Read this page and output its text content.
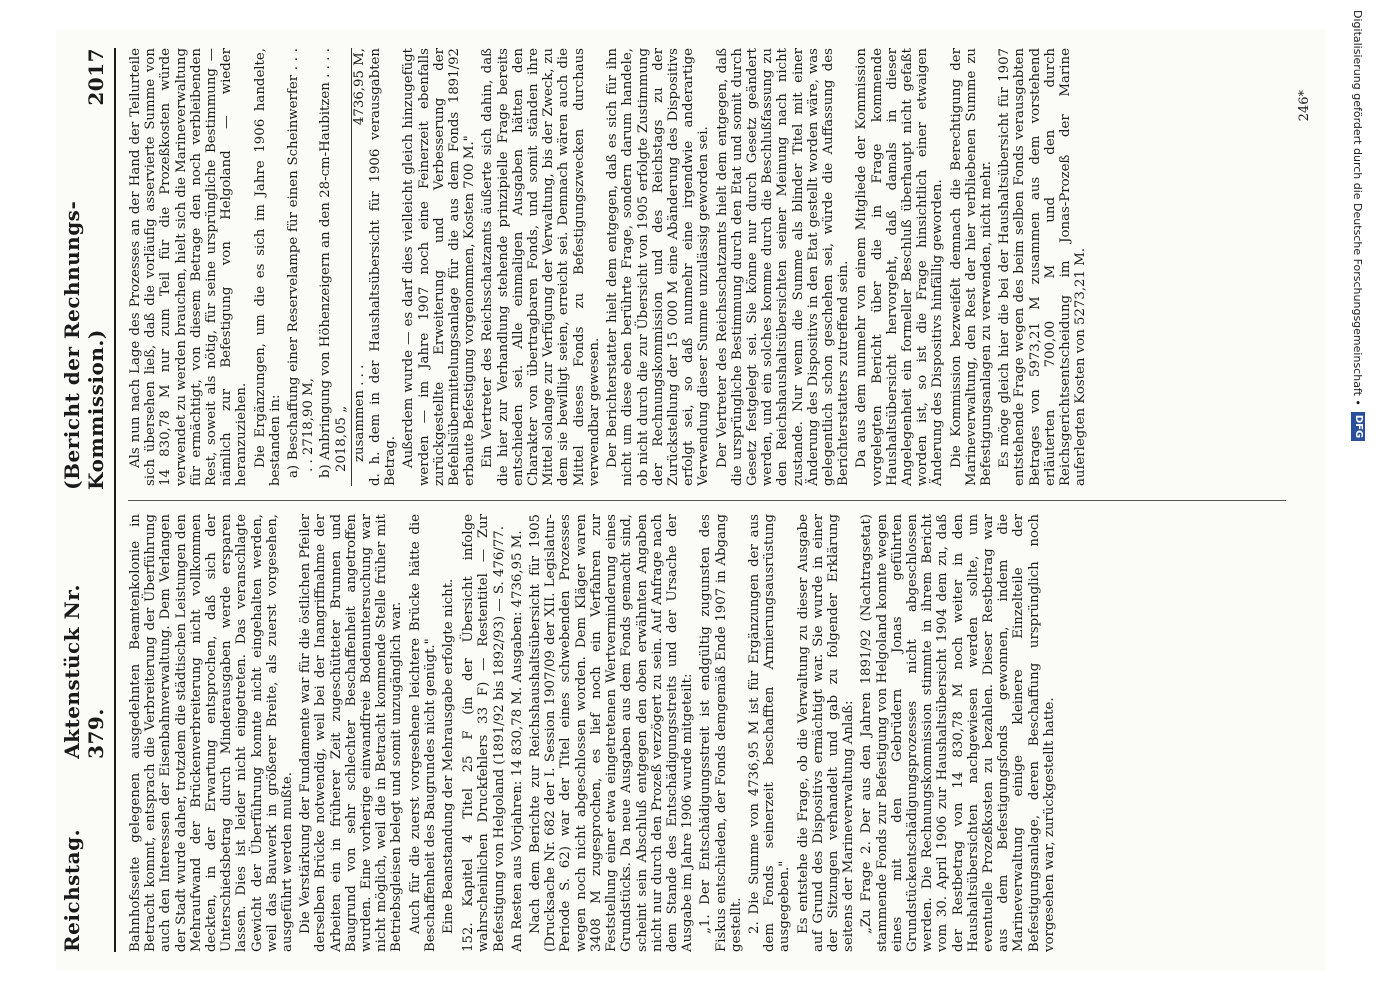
Reichstag.
Aktenstück Nr. 379.
(Bericht der Rechnungs-Kommission.)
2017

Bahnhofsseite gelegenen ausgedehnten Beamtenkolonie in Betracht kommt, entsprach die Verbreiterung der Überführung auch den Interessen der Eisenbahnverwaltung. Dem Verlangen der Stadt wurde daher, trotzdem die städtischen Leistungen den Mehraufwand der Brückenverbreiterung nicht vollkommen deckten, in der Erwartung entsprochen, daß sich der Unterschiedsbetrag durch Minderausgaben werde ersparen lassen. Dies ist leider nicht eingetreten. Das veranschlagte Gewicht der Überführung konnte nicht eingehalten werden, weil das Bauwerk in größerer Breite, als zuerst vorgesehen, ausgeführt werden mußte. Die Verstärkung der Fundamente war für die östlichen Pfeiler derselben Brücke notwendig, weil bei der Inangriffnahme der Arbeiten ein in früherer Zeit zugeschütteter Brunnen und Baugrund von sehr schlechter Beschaffenheit angetroffen wurden. Eine vorherige einwandfreie Bodenuntersuchung war nicht möglich, weil die in Betracht kommende Stelle früher mit Betriebsgleisen belegt und somit unzugänglich war. Auch für die zuerst vorgesehene leichtere Brücke hätte die Beschaffenheit des Baugrundes nicht genügt." Eine Beanstandung der Mehrausgabe erfolgte nicht. 152. Kapitel 4 Titel 25 F (in der Übersicht infolge wahrscheinlichen Druckfehlers 33 F) — Restentitel — Zur Befestigung von Helgoland (1891/92 bis 1892/93) — S. 476/77. An Resten aus Vorjahren: 14 830,78 M. Ausgaben: 4736,95 M. Nach dem Berichte zur Reichshaushaltsübersicht für 1905 (Drucksache Nr. 682 der I. Session 1907/09 der XII. Legislatur-Periode S. 62) war der Titel eines schwebenden Prozesses wegen noch nicht abgeschlossen worden. Dem Kläger waren 3408 M zugesprochen, es lief noch ein Verfahren zur Feststellung einer etwa eingetretenen Wertverminderung eines Grundstücks. Da neue Ausgaben aus dem Fonds gemacht sind, scheint sein Abschluß entgegen den oben erwähnten Angaben nicht nur durch den Prozeß verzögert zu sein. Auf Anfrage nach dem Stande des Entschädigungsstreits und der Ursache der Ausgabe im Jahre 1906 wurde mitgeteilt: „1. Der Entschädigungsstreit ist endgültig zugunsten des Fiskus entschieden, der Fonds demgemäß Ende 1907 in Abgang gestellt. 2. Die Summe von 4736,95 M ist für Ergänzungen der aus dem Fonds seinerzeit beschafften Armierungsausrüstung ausgegeben." Es entstehe die Frage, ob die Verwaltung zu dieser Ausgabe auf Grund des Dispositivs ermächtigt war. Sie wurde in einer der Sitzungen verhandelt und gab zu folgender Erklärung seitens der Marineverwaltung Anlaß: „Zu Frage 2. Der aus den Jahren 1891/92 (Nachtragsetat) stammende Fonds zur Befestigung von Helgoland konnte wegen eines mit den Gebrüdern Jonas geführten Grundstückentschädigungsprozesses nicht abgeschlossen werden. Die Rechnungskommission stimmte in ihrem Bericht vom 30. April 1906 zur Haushaltsübersicht 1904 dem zu, daß der Restbetrag von 14 830,78 M noch weiter in den Haushaltsübersichten nachgewiesen werden sollte, um eventuelle Prozeßkosten zu bezahlen. Dieser Restbetrag war aus dem Befestigungsfonds gewonnen, indem die Marineverwaltung einige kleinere Einzelteile der Befestigungsanlage, deren Beschaffung ursprünglich noch vorgesehen war, zurückgestellt hatte.

Als nun nach Lage des Prozesses an der Hand der Teilurteile sich übersehen ließ, daß die vorläufig asservierte Summe von 14 830,78 M nur zum Teil für die Prozeßkosten würde verwendet zu werden brauchen, hielt sich die Marineverwaltung für ermächtigt, von diesem Betrage den noch verbleibenden Rest, soweit als nötig, für seine ursprüngliche Bestimmung — nämlich zur Befestigung von Helgoland — wieder heranzuziehen. Die Ergänzungen, um die es sich im Jahre 1906 handelte, bestanden in: a) Beschaffung einer Reservelampe für einen Scheinwerfer . . . . . 2718,90 M, b) Anbringung von Höhenzeigern an den 28-cm-Haubitzen . . . . 2018,05 „ zusammen . . .
4736,95 M, d. h. dem in der Haushaltsübersicht für 1906 verausgabten Betrag. Außerdem wurde — es darf dies vielleicht gleich hinzugefügt werden — im Jahre 1907 noch eine Feinerzeit ebenfalls zurückgestellte Erweiterung und Verbesserung der Befehlsübermittelungsanlage für die aus dem Fonds 1891/92 erbaute Befestigung vorgenommen, Kosten 700 M." Ein Vertreter des Reichsschatzamts äußerte sich dahin, daß die hier zur Verhandlung stehende prinzipielle Frage bereits entschieden sei. Alle einmaligen Ausgaben hätten den Charakter von übertragbaren Fonds, und somit ständen ihre Mittel solange zur Verfügung der Verwaltung, bis der Zweck, zu dem sie bewilligt seien, erreicht sei. Demnach wären auch die Mittel dieses Fonds zu Befestigungszwecken durchaus verwendbar gewesen. Der Berichterstatter hielt dem entgegen, daß es sich für ihn nicht um diese eben berührte Frage, sondern darum handele, ob nicht durch die zur Übersicht von 1905 erfolgte Zustimmung der Rechnungskommission und des Reichstags zu der Zurückstellung der 15 000 M eine Abänderung des Dispositivs erfolgt sei, so daß nunmehr eine irgendwie anderartige Verwendung dieser Summe unzulässig geworden sei. Der Vertreter des Reichsschatzamts hielt dem entgegen, daß die ursprüngliche Bestimmung durch den Etat und somit durch Gesetz festgelegt sei. Sie könne nur durch Gesetz geändert werden, und ein solches komme durch die Beschlußfassung zu den Reichshaushaltsübersichten seiner Meinung nach nicht zustande. Nur wenn die Summe als blinder Titel mit einer Änderung des Dispositivs in den Etat gestellt worden wäre, was gelegentlich schon geschehen sei, würde die Auffassung des Berichterstatters zutreffend sein. Da aus dem nunmehr von einem Mitgliede der Kommission vorgelegten Bericht über die in Frage kommende Haushaltsübersicht hervorgeht, daß damals in dieser Angelegenheit ein formeller Beschluß überhaupt nicht gefaßt worden ist, so ist die Frage hinsichtlich einer etwaigen Änderung des Dispositivs hinfällig geworden. Die Kommission bezweifelt demnach die Berechtigung der Marineverwaltung, den Rest der hier verbliebenen Summe zu Befestigungsanlagen zu verwenden, nicht mehr. Es möge gleich hier die bei der Haushaltsübersicht für 1907 entstehende Frage wegen des beim selben Fonds verausgabten Betrages von 5973,21 M zusammen aus dem vorstehend erläuterten 700,00 M und den durch Reichsgerichtsentscheidung im Jonas-Prozeß der Marine auferlegten Kosten von 5273,21 M.

246*	Digitalisierung gefördert durch die Deutsche Forschungsgemeinschaft •
DFG
